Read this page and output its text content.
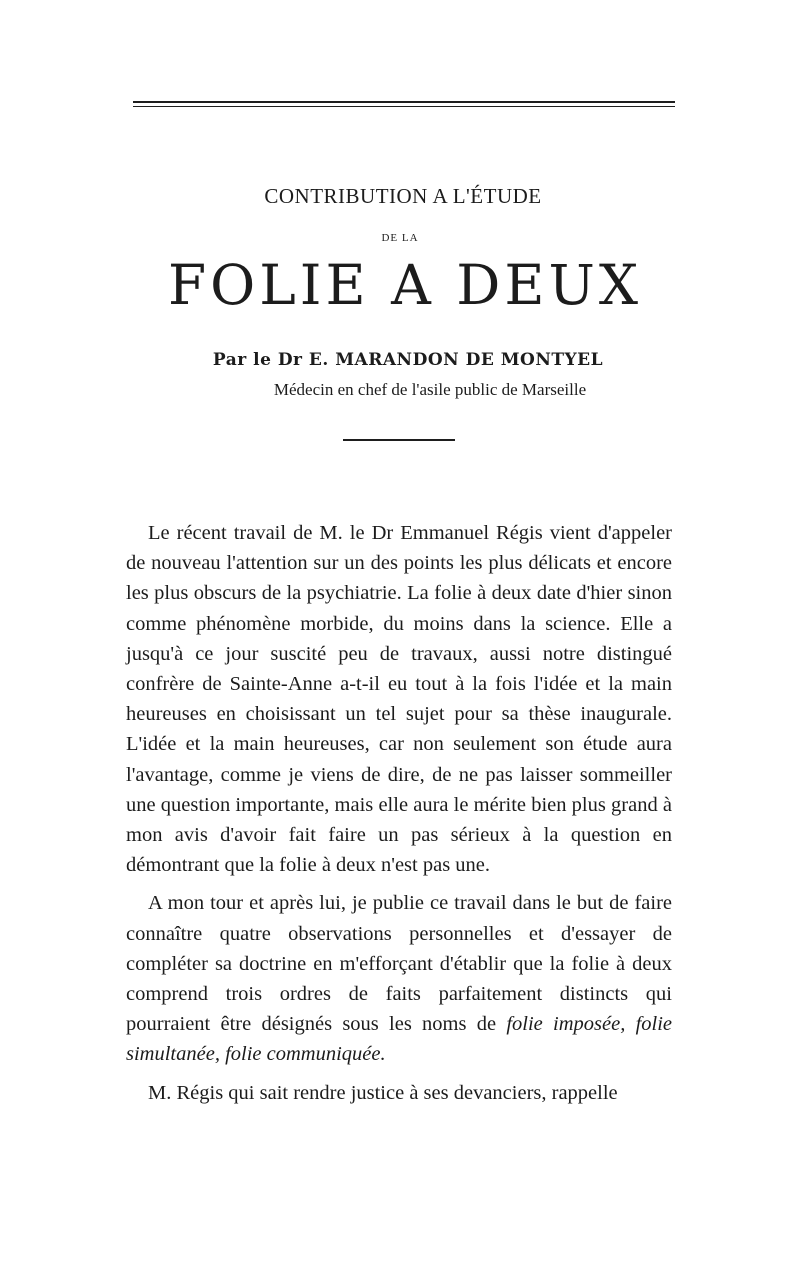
CONTRIBUTION A L'ÉTUDE
DE LA
FOLIE A DEUX
Par le Dr E. MARANDON DE MONTYEL
Médecin en chef de l'asile public de Marseille

Le récent travail de M. le Dr Emmanuel Régis vient d'appeler de nouveau l'attention sur un des points les plus délicats et encore les plus obscurs de la psychiatrie. La folie à deux date d'hier sinon comme phénomène morbide, du moins dans la science. Elle a jusqu'à ce jour suscité peu de travaux, aussi notre distingué confrère de Sainte-Anne a-t-il eu tout à la fois l'idée et la main heureuses en choisissant un tel sujet pour sa thèse inaugurale. L'idée et la main heureuses, car non seulement son étude aura l'avantage, comme je viens de dire, de ne pas laisser sommeiller une question importante, mais elle aura le mérite bien plus grand à mon avis d'avoir fait faire un pas sérieux à la question en démontrant que la folie à deux n'est pas une.

A mon tour et après lui, je publie ce travail dans le but de faire connaître quatre observations personnelles et d'essayer de compléter sa doctrine en m'efforçant d'établir que la folie à deux comprend trois ordres de faits parfaitement distincts qui pourraient être désignés sous les noms de folie imposée, folie simultanée, folie communiquée.

M. Régis qui sait rendre justice à ses devanciers, rappelle
